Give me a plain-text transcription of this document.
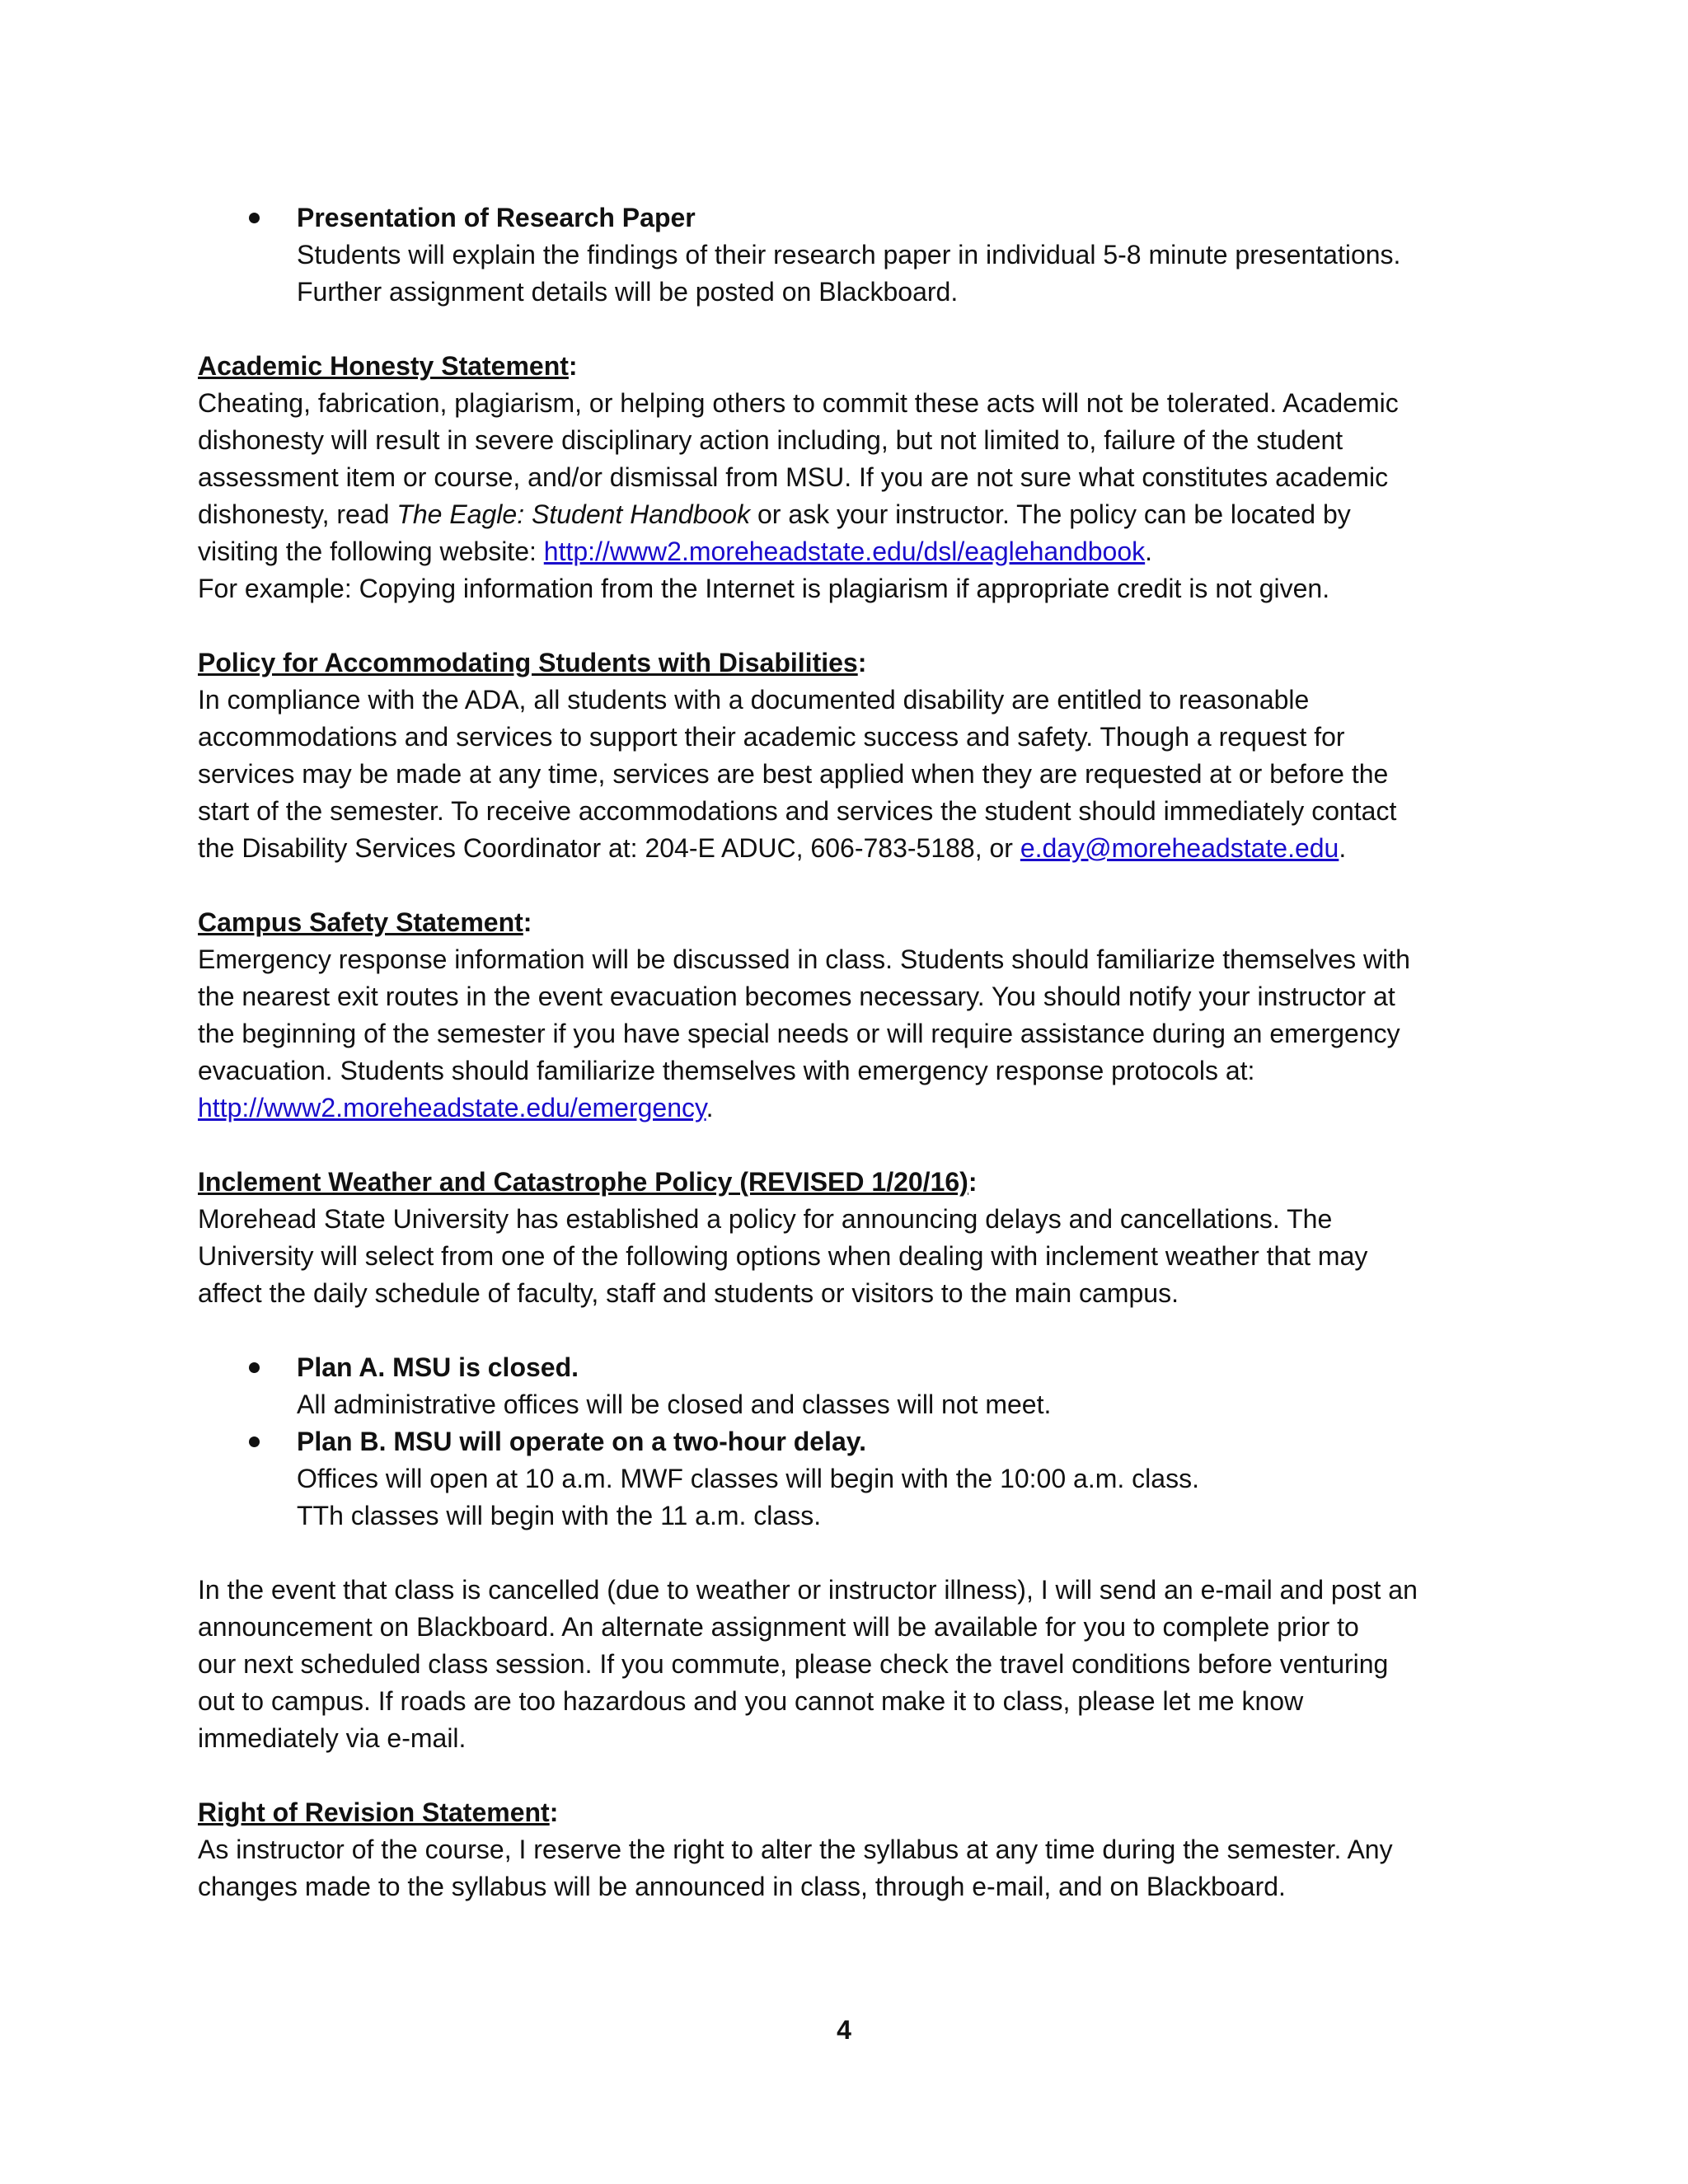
Presentation of Research Paper

Students will explain the findings of their research paper in individual 5-8 minute presentations.

Further assignment details will be posted on Blackboard.

Academic Honesty Statement:

Cheating, fabrication, plagiarism, or helping others to commit these acts will not be tolerated. Academic

dishonesty will result in severe disciplinary action including, but not limited to, failure of the student

assessment item or course, and/or dismissal from MSU. If you are not sure what constitutes academic

dishonesty, read The Eagle: Student Handbook or ask your instructor. The policy can be located by

visiting the following website: http://www2.moreheadstate.edu/dsl/eaglehandbook.

For example: Copying information from the Internet is plagiarism if appropriate credit is not given.

Policy for Accommodating Students with Disabilities:

In compliance with the ADA, all students with a documented disability are entitled to reasonable

accommodations and services to support their academic success and safety. Though a request for

services may be made at any time, services are best applied when they are requested at or before the

start of the semester. To receive accommodations and services the student should immediately contact

the Disability Services Coordinator at: 204-E ADUC, 606-783-5188, or e.day@moreheadstate.edu.

Campus Safety Statement:

Emergency response information will be discussed in class. Students should familiarize themselves with

the nearest exit routes in the event evacuation becomes necessary. You should notify your instructor at

the beginning of the semester if you have special needs or will require assistance during an emergency

evacuation. Students should familiarize themselves with emergency response protocols at:

http://www2.moreheadstate.edu/emergency.

Inclement Weather and Catastrophe Policy (REVISED 1/20/16):

Morehead State University has established a policy for announcing delays and cancellations. The

University will select from one of the following options when dealing with inclement weather that may

affect the daily schedule of faculty, staff and students or visitors to the main campus.

Plan A. MSU is closed.

All administrative offices will be closed and classes will not meet.

Plan B. MSU will operate on a two-hour delay.

Offices will open at 10 a.m. MWF classes will begin with the 10:00 a.m. class.

TTh classes will begin with the 11 a.m. class.

In the event that class is cancelled (due to weather or instructor illness), I will send an e-mail and post an

announcement on Blackboard. An alternate assignment will be available for you to complete prior to

our next scheduled class session. If you commute, please check the travel conditions before venturing

out to campus. If roads are too hazardous and you cannot make it to class, please let me know

immediately via e-mail.

Right of Revision Statement:

As instructor of the course, I reserve the right to alter the syllabus at any time during the semester. Any

changes made to the syllabus will be announced in class, through e-mail, and on Blackboard.

4
